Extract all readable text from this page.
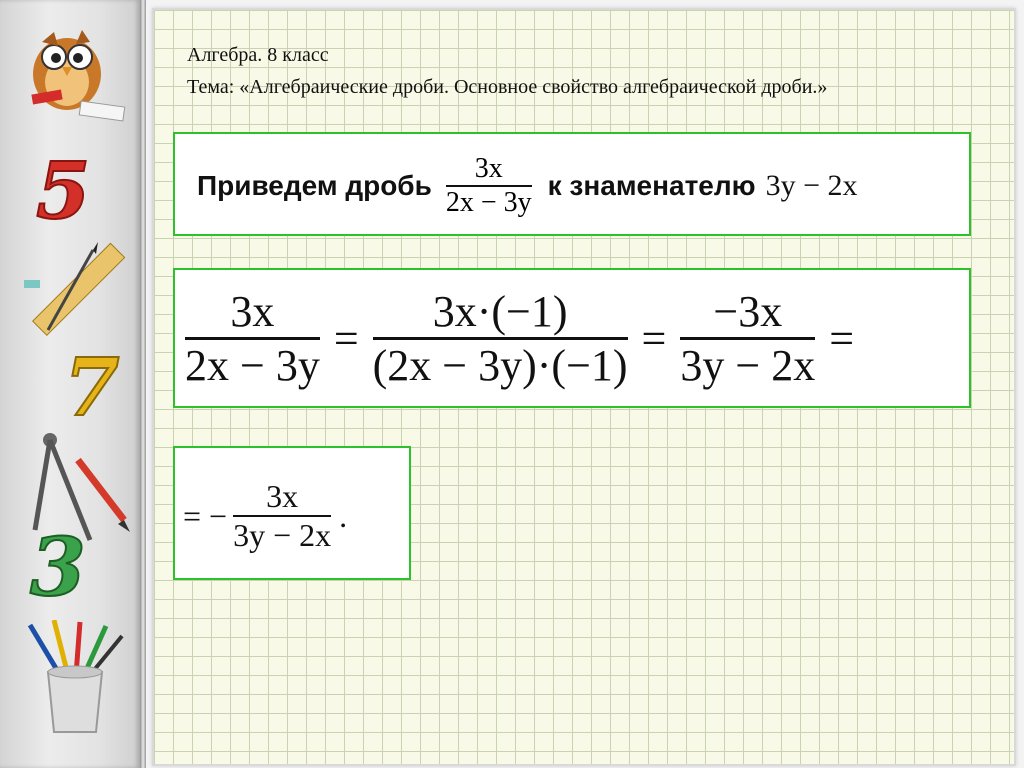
5
7
3
Алгебра. 8 класс
Тема: «Алгебраические дроби. Основное свойство алгебраической дроби.»
Приведем дробь $\frac{3x}{2x - 3y}$ к знаменателю 3y − 2x
$\frac{3x}{2x - 3y} = \frac{3x\cdot(-1)}{(2x - 3y)\cdot(-1)} = \frac{-3x}{3y - 2x}$ =
= − $\frac{3x}{3y - 2x}$ .
